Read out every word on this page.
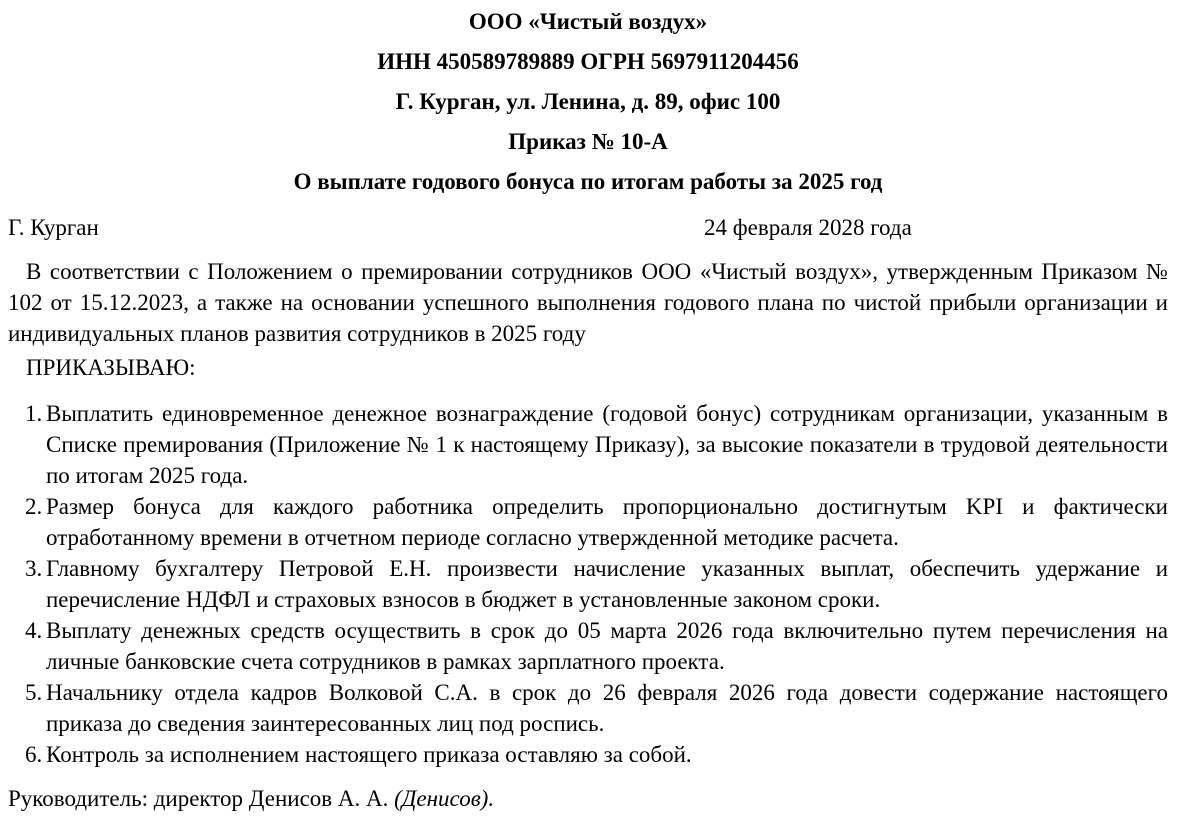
ООО «Чистый воздух»

ИНН 450589789889 ОГРН 5697911204456

Г. Курган, ул. Ленина, д. 89, офис 100

Приказ № 10-А

О выплате годового бонуса по итогам работы за 2025 год

Г. Курган	24 февраля 2028 года

В соответствии с Положением о премировании сотрудников ООО «Чистый воздух», утвержденным Приказом № 102 от 15.12.2023, а также на основании успешного выполнения годового плана по чистой прибыли организации и индивидуальных планов развития сотрудников в 2025 году

ПРИКАЗЫВАЮ:

Выплатить единовременное денежное вознаграждение (годовой бонус) сотрудникам организации, указанным в Списке премирования (Приложение № 1 к настоящему Приказу), за высокие показатели в трудовой деятельности по итогам 2025 года.
Размер бонуса для каждого работника определить пропорционально достигнутым KPI и фактически отработанному времени в отчетном периоде согласно утвержденной методике расчета.
Главному бухгалтеру Петровой Е.Н. произвести начисление указанных выплат, обеспечить удержание и перечисление НДФЛ и страховых взносов в бюджет в установленные законом сроки.
Выплату денежных средств осуществить в срок до 05 марта 2026 года включительно путем перечисления на личные банковские счета сотрудников в рамках зарплатного проекта.
Начальнику отдела кадров Волковой С.А. в срок до 26 февраля 2026 года довести содержание настоящего приказа до сведения заинтересованных лиц под роспись.
Контроль за исполнением настоящего приказа оставляю за собой.

Руководитель: директор Денисов А. А. (Денисов).
